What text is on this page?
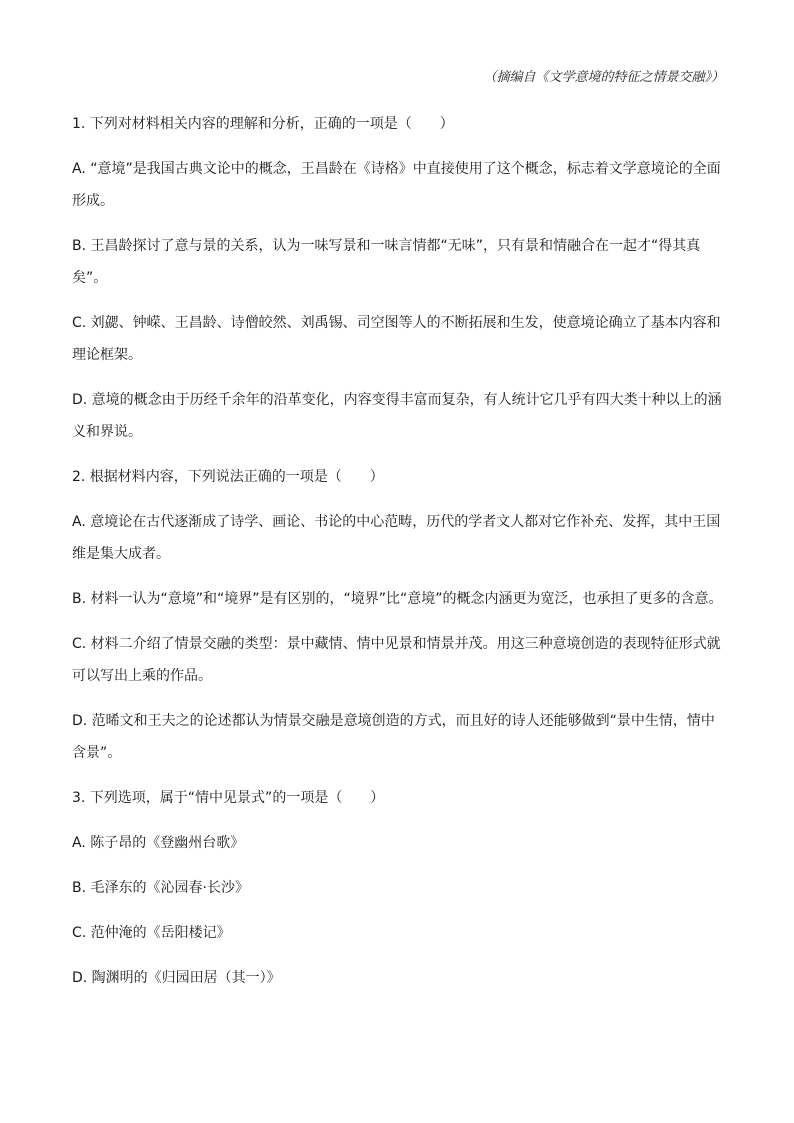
（摘编自《文学意境的特征之情景交融》）

1. 下列对材料相关内容的理解和分析，正确的一项是（　　）

A. “意境”是我国古典文论中的概念，王昌龄在《诗格》中直接使用了这个概念，标志着文学意境论的全面形成。

B. 王昌龄探讨了意与景的关系，认为一味写景和一味言情都“无味”，只有景和情融合在一起才“得其真矣”。

C. 刘勰、钟嵘、王昌龄、诗僧皎然、刘禹锡、司空图等人的不断拓展和生发，使意境论确立了基本内容和理论框架。

D. 意境的概念由于历经千余年的沿革变化，内容变得丰富而复杂，有人统计它几乎有四大类十种以上的涵义和界说。

2. 根据材料内容，下列说法正确的一项是（　　）

A. 意境论在古代逐渐成了诗学、画论、书论的中心范畴，历代的学者文人都对它作补充、发挥，其中王国维是集大成者。

B. 材料一认为“意境”和“境界”是有区别的，“境界”比“意境”的概念内涵更为宽泛，也承担了更多的含意。

C. 材料二介绍了情景交融的类型：景中藏情、情中见景和情景并茂。用这三种意境创造的表现特征形式就可以写出上乘的作品。

D. 范晞文和王夫之的论述都认为情景交融是意境创造的方式，而且好的诗人还能够做到“景中生情，情中含景”。

3. 下列选项，属于“情中见景式”的一项是（　　）

A. 陈子昂的《登幽州台歌》

B. 毛泽东的《沁园春·长沙》

C. 范仲淹的《岳阳楼记》

D. 陶渊明的《归园田居（其一）》
